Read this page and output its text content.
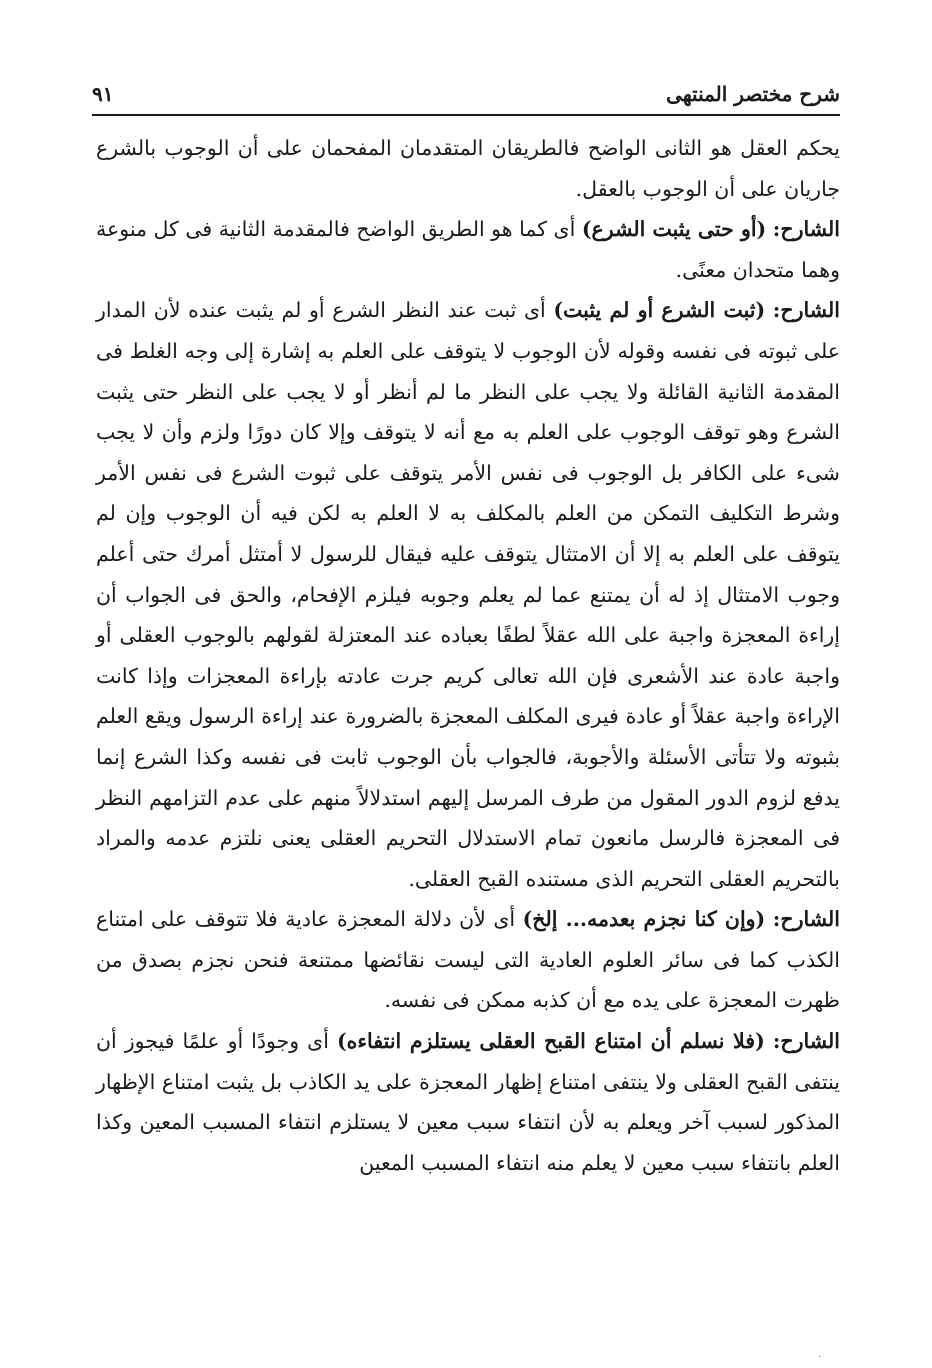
شرح مختصر المنتهى
٩١

يحكم العقل هو الثانى الواضح فالطريقان المتقدمان المفحمان على أن الوجوب بالشرع جاريان على أن الوجوب بالعقل.

الشارح: (أو حتى يثبت الشرع) أى كما هو الطريق الواضح فالمقدمة الثانية فى كل منوعة وهما متحدان معنًى.

الشارح: (ثبت الشرع أو لم يثبت) أى ثبت عند النظر الشرع أو لم يثبت عنده لأن المدار على ثبوته فى نفسه وقوله لأن الوجوب لا يتوقف على العلم به إشارة إلى وجه الغلط فى المقدمة الثانية القائلة ولا يجب على النظر ما لم أنظر أو لا يجب على النظر حتى يثبت الشرع وهو توقف الوجوب على العلم به مع أنه لا يتوقف وإلا كان دورًا ولزم وأن لا يجب شىء على الكافر بل الوجوب فى نفس الأمر يتوقف على ثبوت الشرع فى نفس الأمر وشرط التكليف التمكن من العلم بالمكلف به لا العلم به لكن فيه أن الوجوب وإن لم يتوقف على العلم به إلا أن الامتثال يتوقف عليه فيقال للرسول لا أمتثل أمرك حتى أعلم وجوب الامتثال إذ له أن يمتنع عما لم يعلم وجوبه فيلزم الإفحام، والحق فى الجواب أن إراءة المعجزة واجبة على الله عقلاً لطفًا بعباده عند المعتزلة لقولهم بالوجوب العقلى أو واجبة عادة عند الأشعرى فإن الله تعالى كريم جرت عادته بإراءة المعجزات وإذا كانت الإراءة واجبة عقلاً أو عادة فيرى المكلف المعجزة بالضرورة عند إراءة الرسول ويقع العلم بثبوته ولا تتأتى الأسئلة والأجوبة، فالجواب بأن الوجوب ثابت فى نفسه وكذا الشرع إنما يدفع لزوم الدور المقول من طرف المرسل إليهم استدلالاً منهم على عدم التزامهم النظر فى المعجزة فالرسل مانعون تمام الاستدلال التحريم العقلى يعنى نلتزم عدمه والمراد بالتحريم العقلى التحريم الذى مستنده القبح العقلى.

الشارح: (وإن كنا نجزم بعدمه... إلخ) أى لأن دلالة المعجزة عادية فلا تتوقف على امتناع الكذب كما فى سائر العلوم العادية التى ليست نقائضها ممتنعة فنحن نجزم بصدق من ظهرت المعجزة على يده مع أن كذبه ممكن فى نفسه.

الشارح: (فلا نسلم أن امتناع القبح العقلى يستلزم انتفاءه) أى وجودًا أو علمًا فيجوز أن ينتفى القبح العقلى ولا ينتفى امتناع إظهار المعجزة على يد الكاذب بل يثبت امتناع الإظهار المذكور لسبب آخر ويعلم به لأن انتفاء سبب معين لا يستلزم انتفاء المسبب المعين وكذا العلم بانتفاء سبب معين لا يعلم منه انتفاء المسبب المعين

·
